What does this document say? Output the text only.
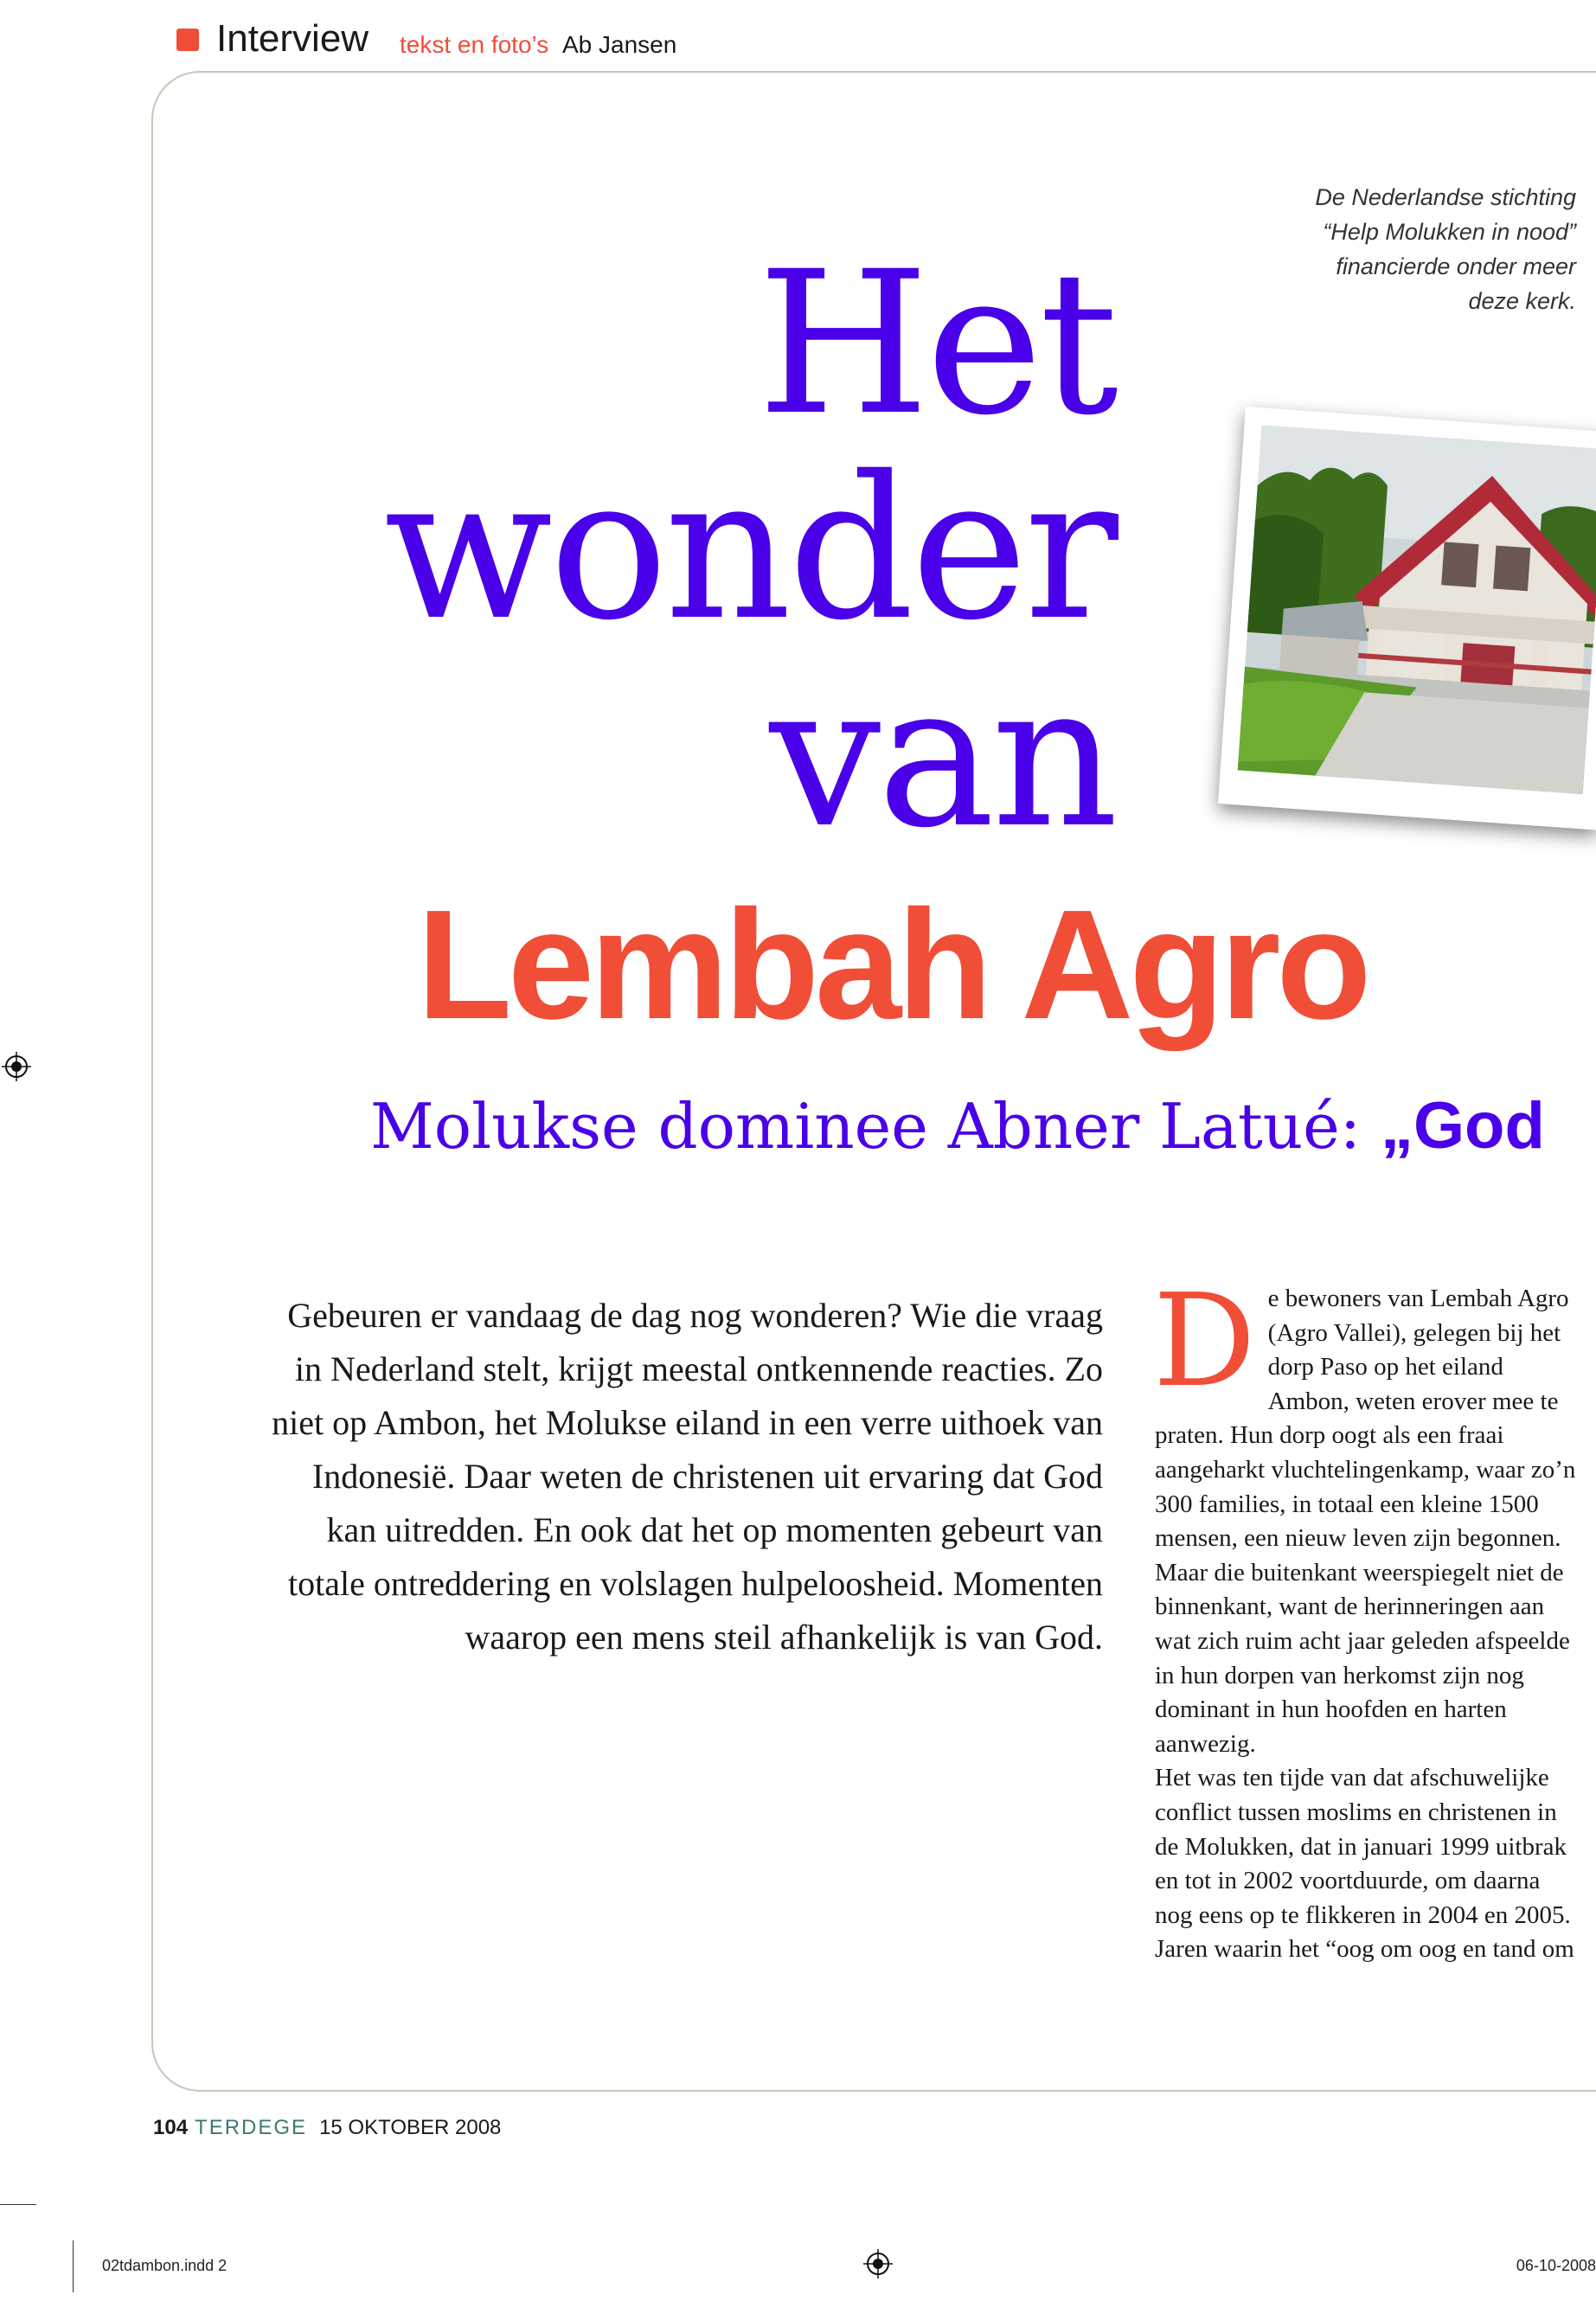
Interview tekst en foto’s Ab Jansen
De Nederlandse stichting “Help Molukken in nood” financierde onder meer deze kerk.
Het
wonder
van
Lembah Agro
Molukse dominee Abner Latué: „God
Gebeuren er vandaag de dag nog wonderen? Wie die vraag in Nederland stelt, krijgt meestal ontkennende reacties. Zo niet op Ambon, het Molukse eiland in een verre uithoek van Indonesië. Daar weten de christenen uit ervaring dat God kan uitredden. En ook dat het op momenten gebeurt van totale ontreddering en volslagen hulpeloosheid. Momenten waarop een mens steil afhankelijk is van God.
D e bewoners van Lembah Agro (Agro Vallei), gelegen bij het dorp Paso op het eiland Ambon, weten erover mee te praten. Hun dorp oogt als een fraai aangeharkt vluchtelingenkamp, waar zo’n 300 families, in totaal een kleine 1500 mensen, een nieuw leven zijn begonnen. Maar die buitenkant weerspiegelt niet de binnenkant, want de herinneringen aan wat zich ruim acht jaar geleden afspeelde in hun dorpen van herkomst zijn nog dominant in hun hoofden en harten aanwezig.

Het was ten tijde van dat afschuwelijke conflict tussen moslims en christenen in de Molukken, dat in januari 1999 uitbrak en tot in 2002 voortduurde, om daarna nog eens op te flikkeren in 2004 en 2005. Jaren waarin het “oog om oog en tand om

104 TERDEGE 15 OKTOBER 2008
02tdambon.indd 2	06-10-2008
